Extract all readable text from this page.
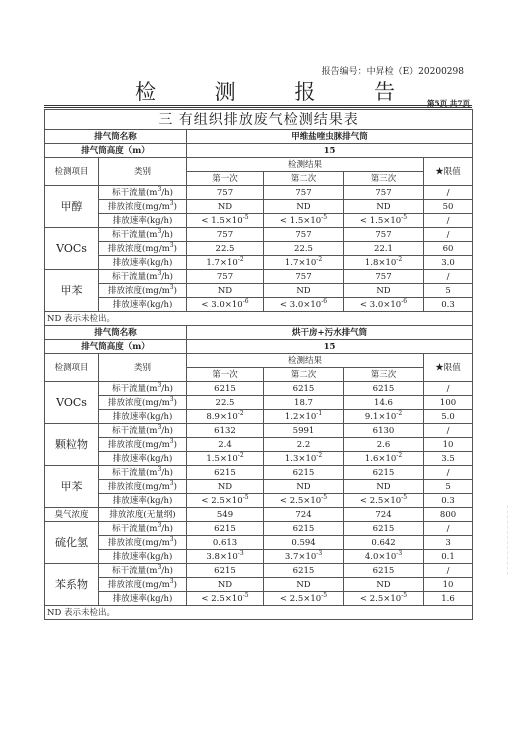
报告编号：中昇检（E）20200298
检 测 报 告 第5页 共7页
三 有组织排放废气检测结果表					
排气筒名称		甲维盐喹虫脒排气筒			
排气筒高度（m）		15			
检测项目	类别	检测结果			★限值
		第一次	第二次	第三次	
甲醇	标干流量$(m^3/h)$	757	757	757	/
	排放浓度$(mg/m^3)$	ND	ND	ND	50
	排放速率(kg/h)	< $1.5\times 10^{-5}$	< $1.5\times 10^{-5}$	< $1.5\times 10^{-5}$	/
VOCs	标干流量$(m^3/h)$	757	757	757	/
	排放浓度$(mg/m^3)$	22.5	22.5	22.1	60
	排放速率(kg/h)	$1.7\times 10^{-2}$	$1.7\times 10^{-2}$	$1.8\times 10^{-2}$	3.0
甲苯	标干流量$(m^3/h)$	757	757	757	/
	排放浓度$(mg/m^3)$	ND	ND	ND	5
	排放速率(kg/h)	< $3.0\times 10^{-6}$	< $3.0\times 10^{-6}$	< $3.0\times 10^{-6}$	0.3
ND 表示未检出。					
排气筒名称		烘干房+污水排气筒			
排气筒高度（m）		15			
检测项目	类别	检测结果			★限值
		第一次	第二次	第三次	
VOCs	标干流量$(m^3/h)$	6215	6215	6215	/
	排放浓度$(mg/m^3)$	22.5	18.7	14.6	100
	排放速率(kg/h)	$8.9\times 10^{-2}$	$1.2\times 10^{-1}$	$9.1\times 10^{-2}$	5.0
颗粒物	标干流量$(m^3/h)$	6132	5991	6130	/
	排放浓度$(mg/m^3)$	2.4	2.2	2.6	10
	排放速率(kg/h)	$1.5\times 10^{-2}$	$1.3\times 10^{-2}$	$1.6\times 10^{-2}$	3.5
甲苯	标干流量$(m^3/h)$	6215	6215	6215	/
	排放浓度$(mg/m^3)$	ND	ND	ND	5
	排放速率(kg/h)	< $2.5\times 10^{-5}$	< $2.5\times 10^{-5}$	< $2.5\times 10^{-5}$	0.3
臭气浓度	排放浓度(无量纲)	549	724	724	800
硫化氢	标干流量$(m^3/h)$	6215	6215	6215	/
	排放浓度$(mg/m^3)$	0.613	0.594	0.642	3
	排放速率(kg/h)	$3.8\times 10^{-3}$	$3.7\times 10^{-3}$	$4.0\times 10^{-3}$	0.1
苯系物	标干流量$(m^3/h)$	6215	6215	6215	/
	排放浓度$(mg/m^3)$	ND	ND	ND	10
	排放速率(kg/h)	< $2.5\times 10^{-5}$	< $2.5\times 10^{-5}$	< $2.5\times 10^{-5}$	1.6
ND 表示未检出。					
